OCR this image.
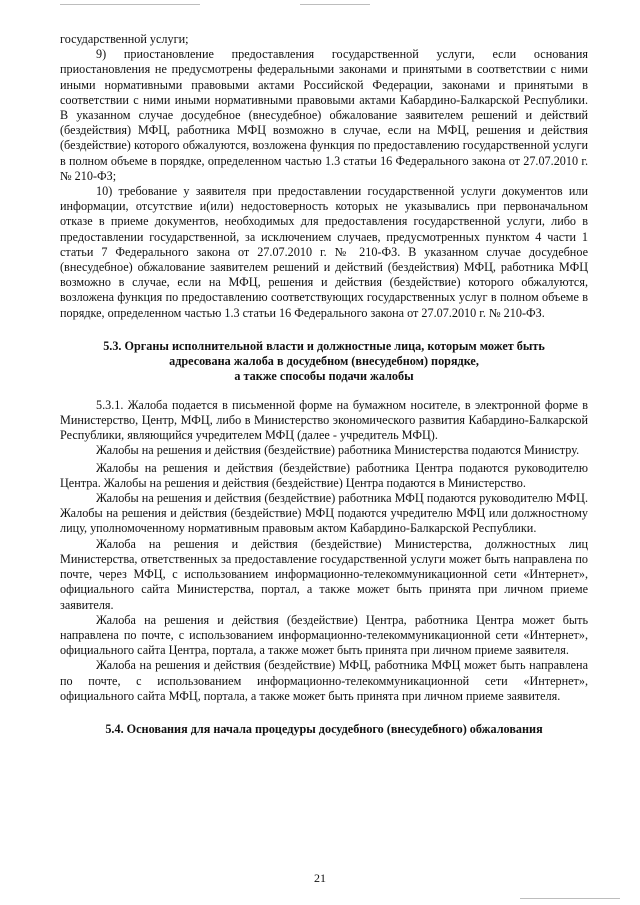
государственной услуги;

9) приостановление предоставления государственной услуги, если основания приостановления не предусмотрены федеральными законами и принятыми в соответствии с ними иными нормативными правовыми актами Российской Федерации, законами и принятыми в соответствии с ними иными нормативными правовыми актами Кабардино-Балкарской Республики. В указанном случае досудебное (внесудебное) обжалование заявителем решений и действий (бездействия) МФЦ, работника МФЦ возможно в случае, если на МФЦ, решения и действия (бездействие) которого обжалуются, возложена функция по предоставлению государственной услуги в полном объеме в порядке, определенном частью 1.3 статьи 16 Федерального закона от 27.07.2010 г. № 210-ФЗ;

10) требование у заявителя при предоставлении государственной услуги документов или информации, отсутствие и(или) недостоверность которых не указывались при первоначальном отказе в приеме документов, необходимых для предоставления государственной услуги, либо в предоставлении государственной, за исключением случаев, предусмотренных пунктом 4 части 1 статьи 7 Федерального закона от 27.07.2010 г. № 210-ФЗ. В указанном случае досудебное (внесудебное) обжалование заявителем решений и действий (бездействия) МФЦ, работника МФЦ возможно в случае, если на МФЦ, решения и действия (бездействие) которого обжалуются, возложена функция по предоставлению соответствующих государственных услуг в полном объеме в порядке, определенном частью 1.3 статьи 16 Федерального закона от 27.07.2010 г. № 210-ФЗ.

5.3. Органы исполнительной власти и должностные лица, которым может быть
адресована жалоба в досудебном (внесудебном) порядке,
а также способы подачи жалобы

5.3.1. Жалоба подается в письменной форме на бумажном носителе, в электронной форме в Министерство, Центр, МФЦ, либо в Министерство экономического развития Кабардино-Балкарской Республики, являющийся учредителем МФЦ (далее - учредитель МФЦ).

Жалобы на решения и действия (бездействие) работника Министерства подаются Министру.

Жалобы на решения и действия (бездействие) работника Центра подаются руководителю Центра. Жалобы на решения и действия (бездействие) Центра подаются в Министерство.

Жалобы на решения и действия (бездействие) работника МФЦ подаются руководителю МФЦ. Жалобы на решения и действия (бездействие) МФЦ подаются учредителю МФЦ или должностному лицу, уполномоченному нормативным правовым актом Кабардино-Балкарской Республики.

Жалоба на решения и действия (бездействие) Министерства, должностных лиц Министерства, ответственных за предоставление государственной услуги может быть направлена по почте, через МФЦ, с использованием информационно-телекоммуникационной сети «Интернет», официального сайта Министерства, портал, а также может быть принята при личном приеме заявителя.

Жалоба на решения и действия (бездействие) Центра, работника Центра может быть направлена по почте, с использованием информационно-телекоммуникационной сети «Интернет», официального сайта Центра, портала, а также может быть принята при личном приеме заявителя.

Жалоба на решения и действия (бездействие) МФЦ, работника МФЦ может быть направлена по почте, с использованием информационно-телекоммуникационной сети «Интернет», официального сайта МФЦ, портала, а также может быть принята при личном приеме заявителя.

5.4. Основания для начала процедуры досудебного (внесудебного) обжалования
21
